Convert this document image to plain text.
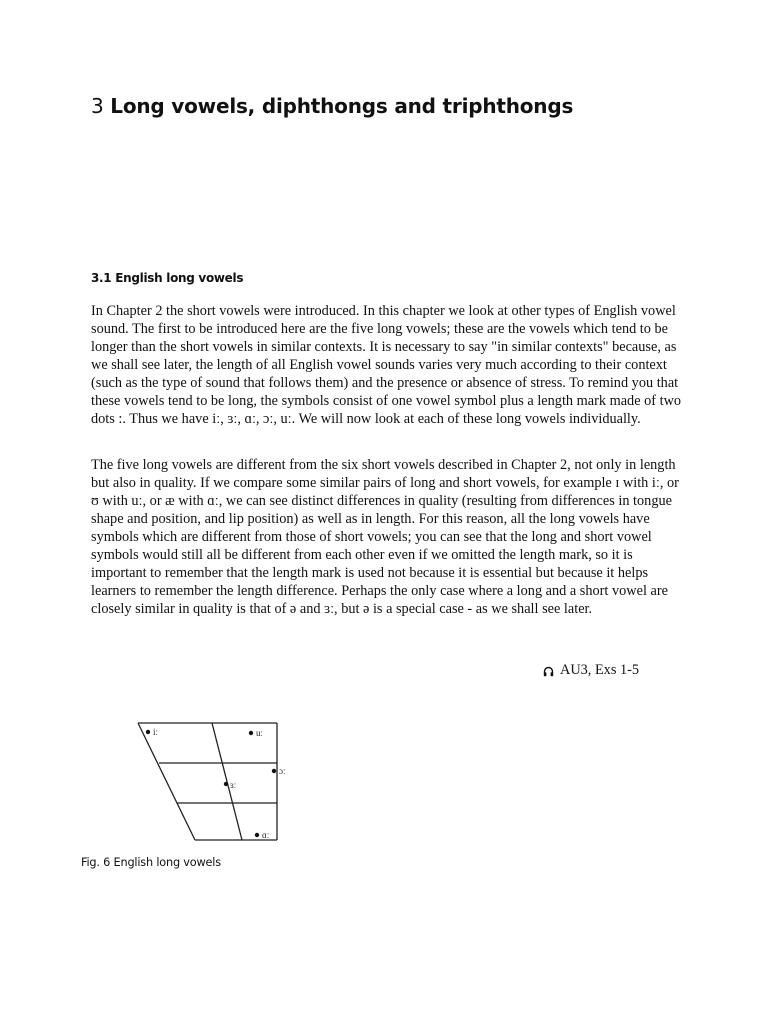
3 Long vowels, diphthongs and triphthongs
3.1 English long vowels

In Chapter 2 the short vowels were introduced. In this chapter we look at other types of English vowel sound. The first to be introduced here are the five long vowels; these are the vowels which tend to be longer than the short vowels in similar contexts. It is necessary to say "in similar contexts" because, as we shall see later, the length of all English vowel sounds varies very much according to their context (such as the type of sound that follows them) and the presence or absence of stress. To remind you that these vowels tend to be long, the symbols consist of one vowel symbol plus a length mark made of two dots :. Thus we have iː, ɜː, ɑː, ɔː, uː. We will now look at each of these long vowels individually.

The five long vowels are different from the six short vowels described in Chapter 2, not only in length but also in quality. If we compare some similar pairs of long and short vowels, for example ɪ with iː, or ʊ with uː, or æ with ɑː, we can see distinct differences in quality (resulting from differences in tongue shape and position, and lip position) as well as in length. For this reason, all the long vowels have symbols which are different from those of short vowels; you can see that the long and short vowel symbols would still all be different from each other even if we omitted the length mark, so it is important to remember that the length mark is used not because it is essential but because it helps learners to remember the length difference. Perhaps the only case where a long and a short vowel are closely similar in quality is that of ə and ɜː, but ə is a special case - as we shall see later.

AU3, Exs 1-5
iː	uː
ɔː
ɜː
ɑː
Fig. 6 English long vowels
